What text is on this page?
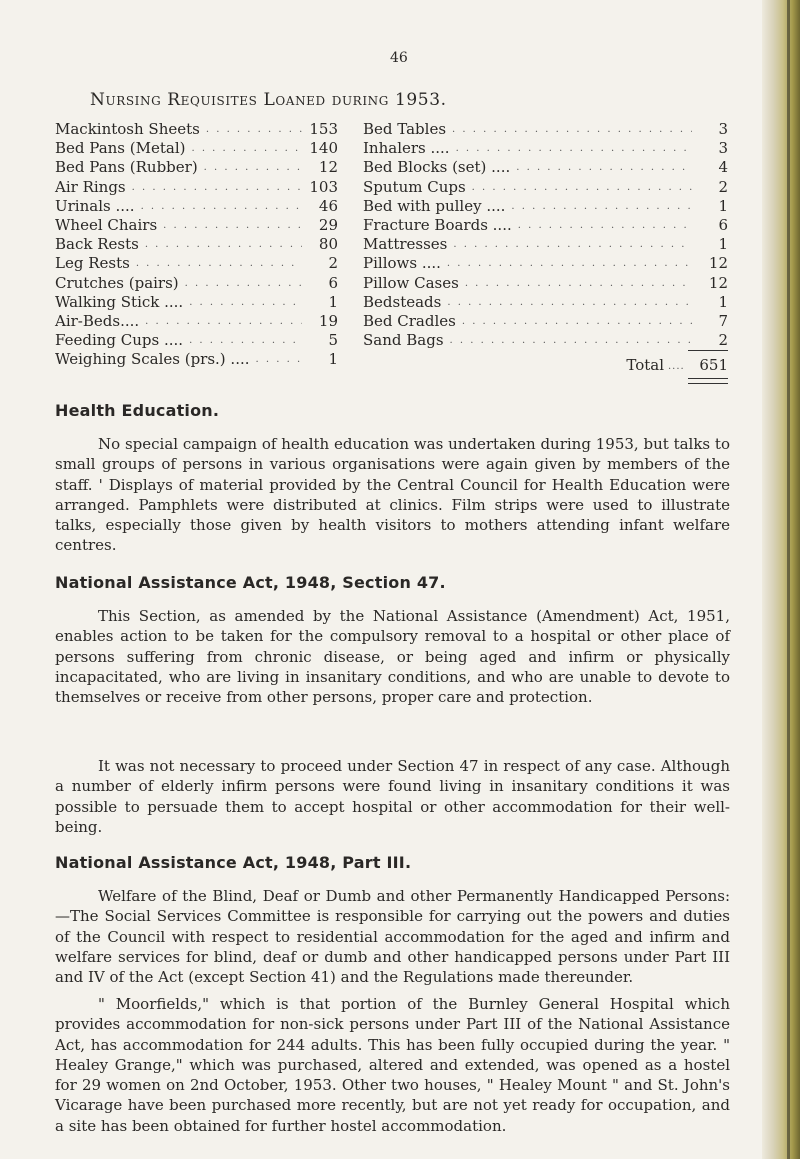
46
Nursing Requisites Loaned during 1953.
Mackintosh Sheets . . .	153
Bed Pans (Metal) . . .	140
Bed Pans (Rubber) . . .	12
Air Rings . . .	103
Urinals .... . . .	46
Wheel Chairs . . .	29
Back Rests . . .	80
Leg Rests . . .	2
Crutches (pairs) . . .	6
Walking Stick .... . . .	1
Air-Beds.... . . .	19
Feeding Cups .... . . .	5
Weighing Scales (prs.) .... . . .	1
Bed Tables . . .	3
Inhalers .... . . .	3
Bed Blocks (set) .... . . .	4
Sputum Cups . . .	2
Bed with pulley .... . . .	1
Fracture Boards .... . . .	6
Mattresses . . .	1
Pillows .... . . .	12
Pillow Cases . . .	12
Bedsteads . . .	1
Bed Cradles . . .	7
Sand Bags . . .	2
Total ....	651
Health Education.

No special campaign of health education was undertaken during 1953, but talks to small groups of persons in various organisations were again given by members of the staff. ' Displays of material provided by the Central Council for Health Education were arranged. Pamphlets were distributed at clinics. Film strips were used to illustrate talks, especially those given by health visitors to mothers attending infant welfare centres.

National Assistance Act, 1948, Section 47.

This Section, as amended by the National Assistance (Amendment) Act, 1951, enables action to be taken for the compulsory removal to a hospital or other place of persons suffering from chronic disease, or being aged and infirm or physically incapacitated, who are living in insanitary conditions, and who are unable to devote to themselves or receive from other persons, proper care and protection.

It was not necessary to proceed under Section 47 in respect of any case. Although a number of elderly infirm persons were found living in insanitary conditions it was possible to persuade them to accept hospital or other accommodation for their well-being.

National Assistance Act, 1948, Part III.

Welfare of the Blind, Deaf or Dumb and other Permanently Handicapped Persons:—The Social Services Committee is responsible for carrying out the powers and duties of the Council with respect to residential accommodation for the aged and infirm and welfare services for blind, deaf or dumb and other handicapped persons under Part III and IV of the Act (except Section 41) and the Regulations made thereunder.

" Moorfields," which is that portion of the Burnley General Hospital which provides accommodation for non-sick persons under Part III of the National Assistance Act, has accommodation for 244 adults. This has been fully occupied during the year. " Healey Grange," which was purchased, altered and extended, was opened as a hostel for 29 women on 2nd October, 1953. Other two houses, " Healey Mount " and St. John's Vicarage have been purchased more recently, but are not yet ready for occupation, and a site has been obtained for further hostel accommodation.
